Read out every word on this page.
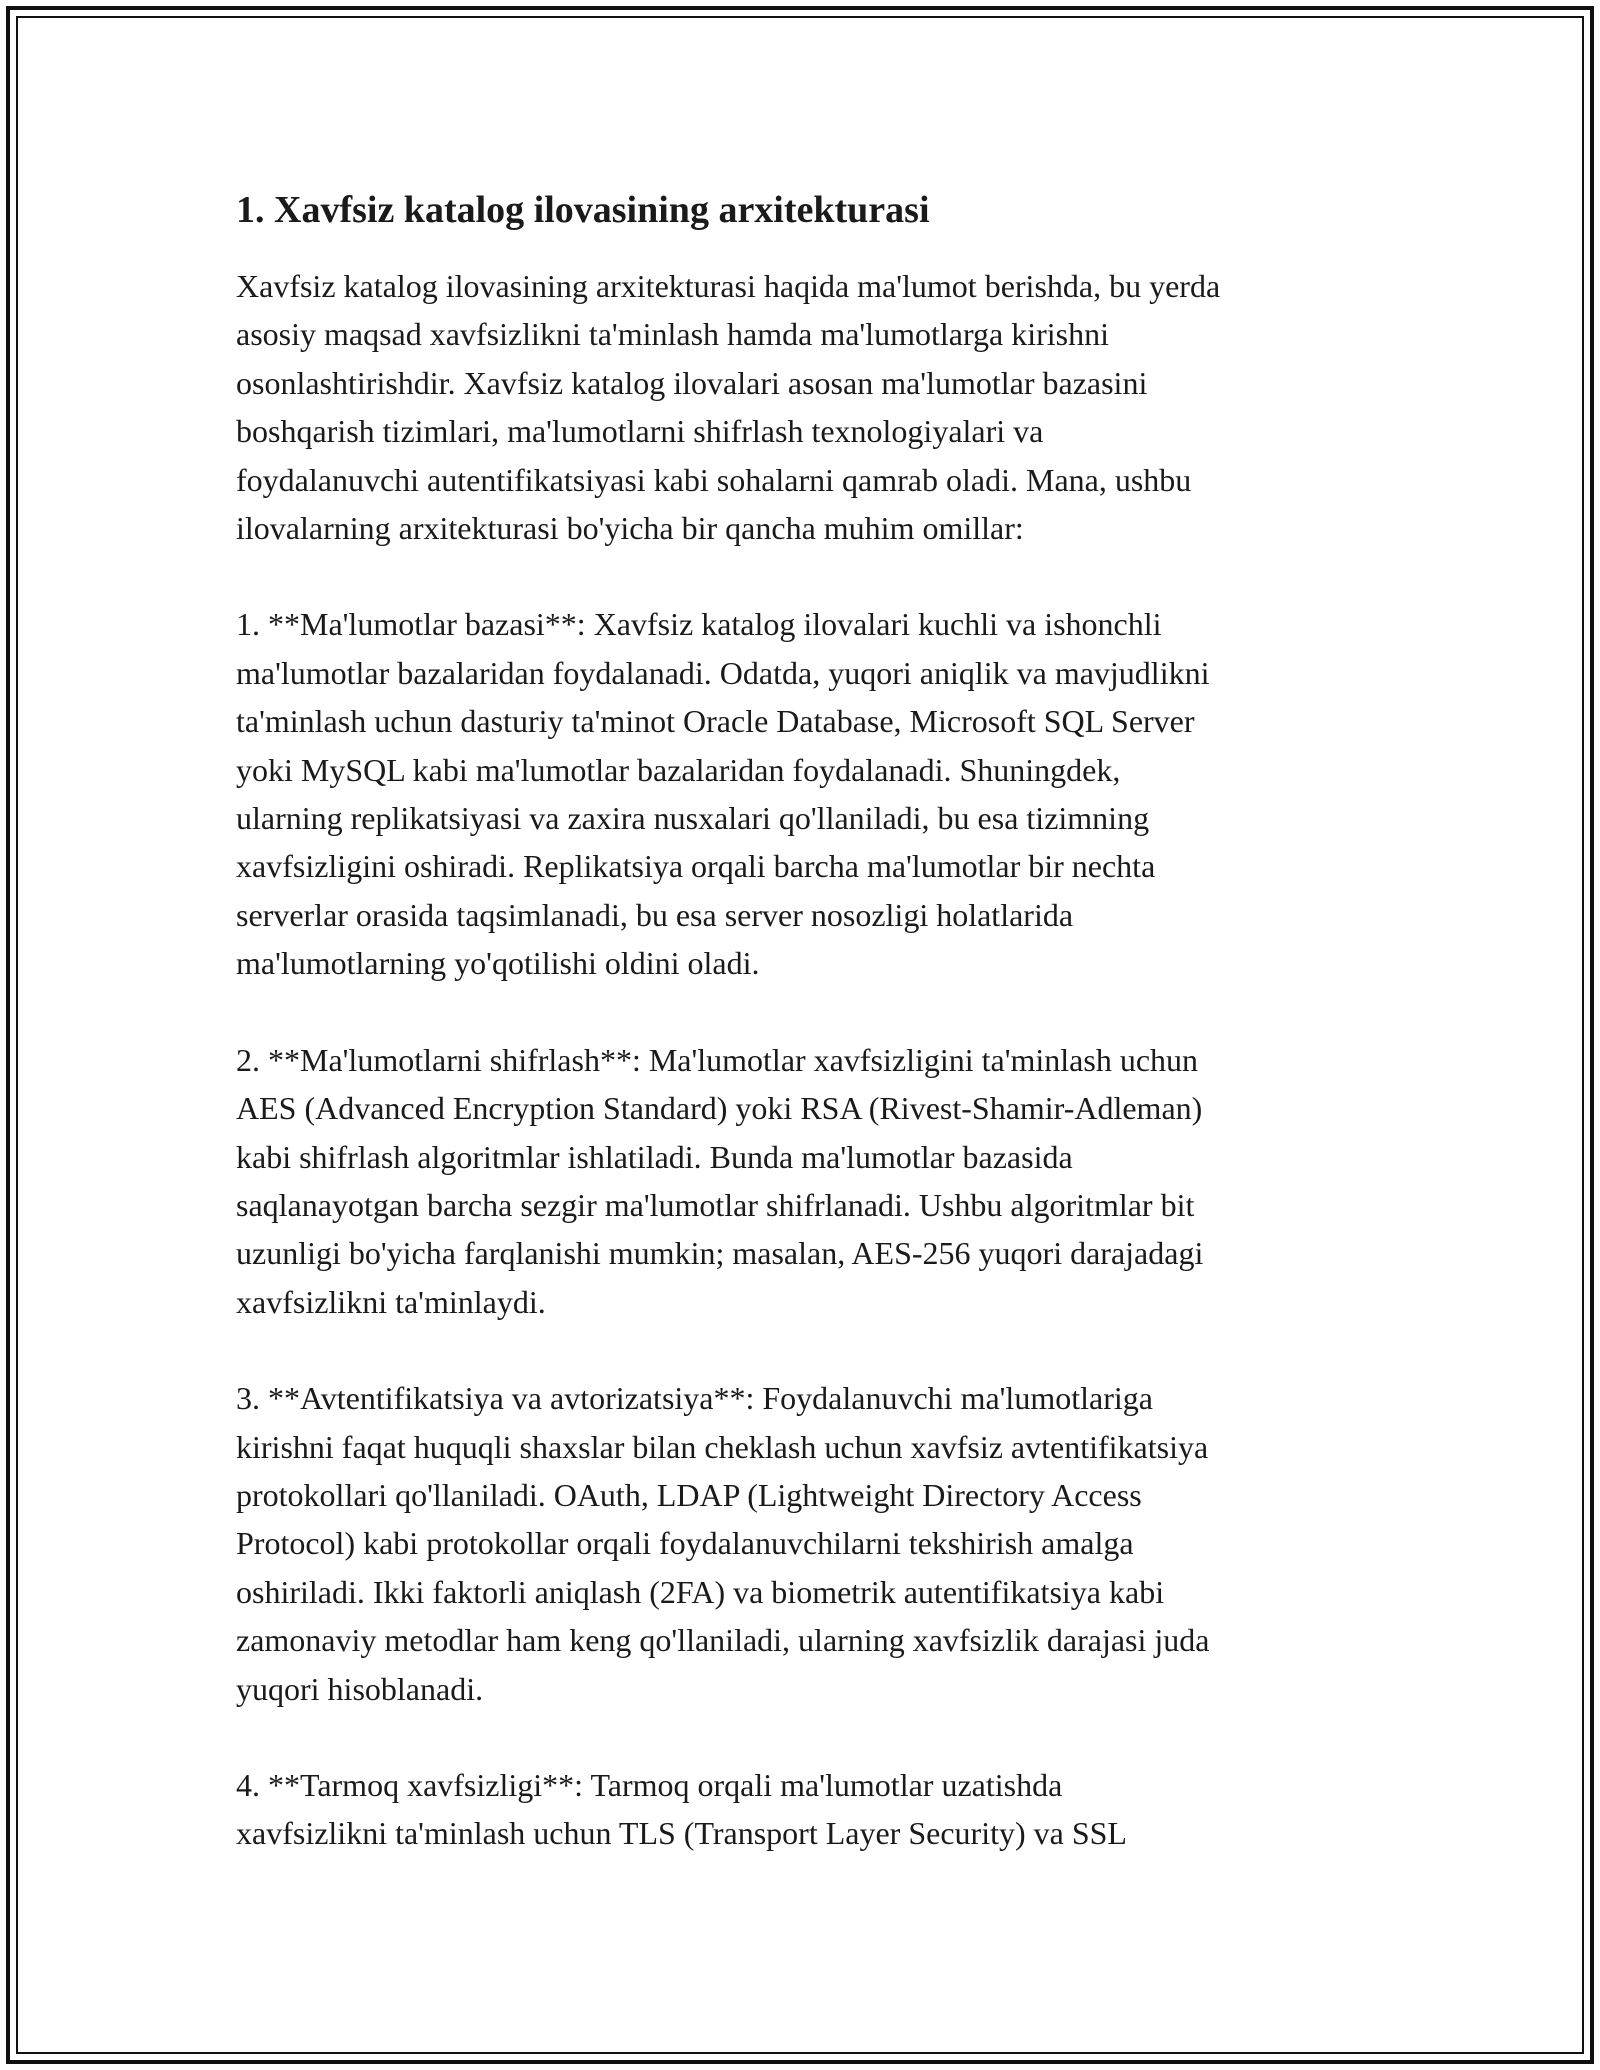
1. Xavfsiz katalog ilovasining arxitekturasi

Xavfsiz katalog ilovasining arxitekturasi haqida ma'lumot berishda, bu yerda
asosiy maqsad xavfsizlikni ta'minlash hamda ma'lumotlarga kirishni
osonlashtirishdir. Xavfsiz katalog ilovalari asosan ma'lumotlar bazasini
boshqarish tizimlari, ma'lumotlarni shifrlash texnologiyalari va
foydalanuvchi autentifikatsiyasi kabi sohalarni qamrab oladi. Mana, ushbu
ilovalarning arxitekturasi bo'yicha bir qancha muhim omillar:

1. **Ma'lumotlar bazasi**: Xavfsiz katalog ilovalari kuchli va ishonchli
ma'lumotlar bazalaridan foydalanadi. Odatda, yuqori aniqlik va mavjudlikni
ta'minlash uchun dasturiy ta'minot Oracle Database, Microsoft SQL Server
yoki MySQL kabi ma'lumotlar bazalaridan foydalanadi. Shuningdek,
ularning replikatsiyasi va zaxira nusxalari qo'llaniladi, bu esa tizimning
xavfsizligini oshiradi. Replikatsiya orqali barcha ma'lumotlar bir nechta
serverlar orasida taqsimlanadi, bu esa server nosozligi holatlarida
ma'lumotlarning yo'qotilishi oldini oladi.

2. **Ma'lumotlarni shifrlash**: Ma'lumotlar xavfsizligini ta'minlash uchun
AES (Advanced Encryption Standard) yoki RSA (Rivest-Shamir-Adleman)
kabi shifrlash algoritmlar ishlatiladi. Bunda ma'lumotlar bazasida
saqlanayotgan barcha sezgir ma'lumotlar shifrlanadi. Ushbu algoritmlar bit
uzunligi bo'yicha farqlanishi mumkin; masalan, AES-256 yuqori darajadagi
xavfsizlikni ta'minlaydi.

3. **Avtentifikatsiya va avtorizatsiya**: Foydalanuvchi ma'lumotlariga
kirishni faqat huquqli shaxslar bilan cheklash uchun xavfsiz avtentifikatsiya
protokollari qo'llaniladi. OAuth, LDAP (Lightweight Directory Access
Protocol) kabi protokollar orqali foydalanuvchilarni tekshirish amalga
oshiriladi. Ikki faktorli aniqlash (2FA) va biometrik autentifikatsiya kabi
zamonaviy metodlar ham keng qo'llaniladi, ularning xavfsizlik darajasi juda
yuqori hisoblanadi.

4. **Tarmoq xavfsizligi**: Tarmoq orqali ma'lumotlar uzatishda
xavfsizlikni ta'minlash uchun TLS (Transport Layer Security) va SSL
